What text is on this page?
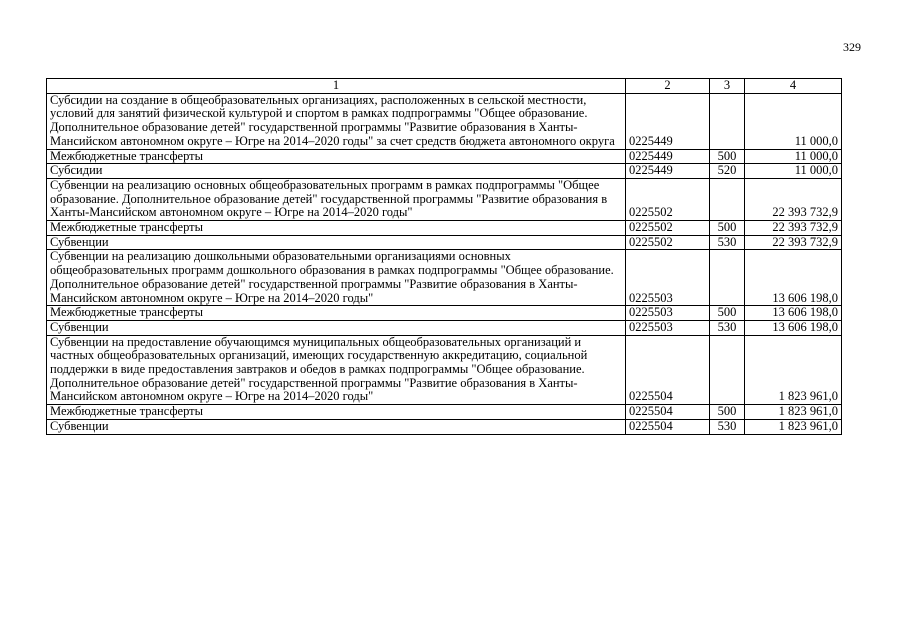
329
1	2	3	4
Субсидии на создание в общеобразовательных организациях, расположенных в сельской местности, условий для занятий физической культурой и спортом в рамках подпрограммы "Общее образование. Дополнительное образование детей" государственной программы "Развитие образования в Ханты-Мансийском автономном округе – Югре на 2014–2020 годы" за счет средств бюджета автономного округа	0225449		11 000,0
Межбюджетные трансферты	0225449	500	11 000,0
Субсидии	0225449	520	11 000,0
Субвенции на реализацию основных общеобразовательных программ в рамках подпрограммы "Общее образование. Дополнительное образование детей" государственной программы "Развитие образования в Ханты-Мансийском автономном округе – Югре на 2014–2020 годы"	0225502		22 393 732,9
Межбюджетные трансферты	0225502	500	22 393 732,9
Субвенции	0225502	530	22 393 732,9
Субвенции на реализацию дошкольными образовательными организациями основных общеобразовательных программ дошкольного образования в рамках подпрограммы "Общее образование. Дополнительное образование детей" государственной программы "Развитие образования в Ханты-Мансийском автономном округе – Югре на 2014–2020 годы"	0225503		13 606 198,0
Межбюджетные трансферты	0225503	500	13 606 198,0
Субвенции	0225503	530	13 606 198,0
Субвенции на предоставление обучающимся муниципальных общеобразовательных организаций и частных общеобразовательных организаций, имеющих государственную аккредитацию, социальной поддержки в виде предоставления завтраков и обедов в рамках подпрограммы "Общее образование. Дополнительное образование детей" государственной программы "Развитие образования в Ханты-Мансийском автономном округе – Югре на 2014–2020 годы"	0225504		1 823 961,0
Межбюджетные трансферты	0225504	500	1 823 961,0
Субвенции	0225504	530	1 823 961,0
